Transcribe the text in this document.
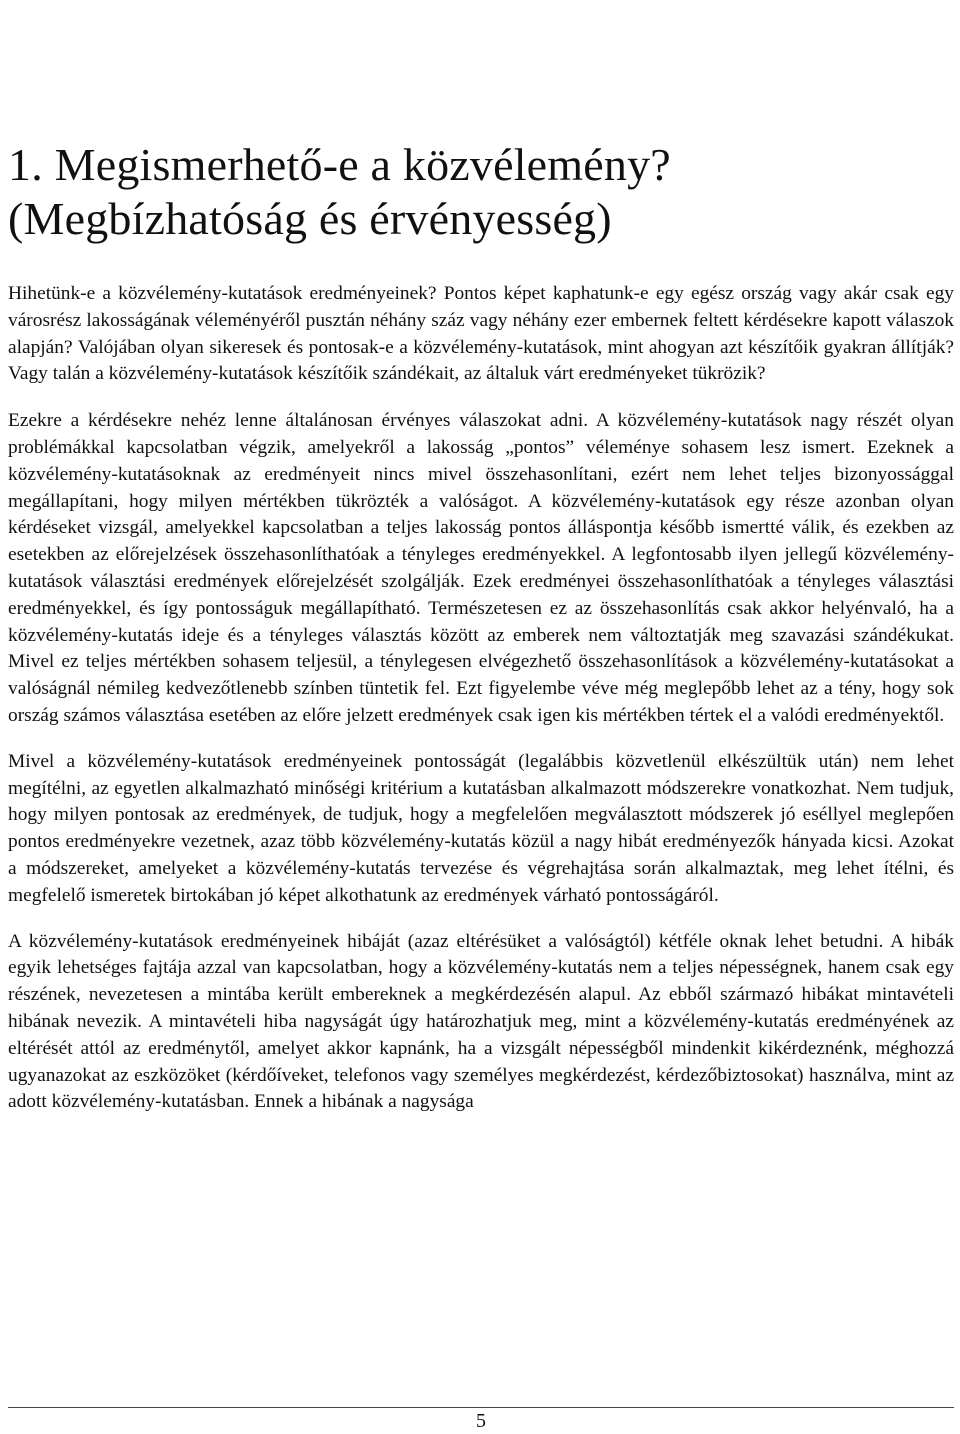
1. Megismerhető-e a közvélemény?
(Megbízhatóság és érvényesség)

Hihetünk-e a közvélemény-kutatások eredményeinek? Pontos képet kaphatunk-e egy egész ország vagy akár csak egy városrész lakosságának véleményéről pusztán néhány száz vagy néhány ezer embernek feltett kérdésekre kapott válaszok alapján? Valójában olyan sikeresek és pontosak-e a közvélemény-kutatások, mint ahogyan azt készítőik gyakran állítják? Vagy talán a közvélemény-kutatások készítőik szándékait, az általuk várt eredményeket tükrözik?

Ezekre a kérdésekre nehéz lenne általánosan érvényes válaszokat adni. A közvélemény-kutatások nagy részét olyan problémákkal kapcsolatban végzik, amelyekről a lakosság „pontos” véleménye sohasem lesz ismert. Ezeknek a közvélemény-kutatásoknak az eredményeit nincs mivel összehasonlítani, ezért nem lehet teljes bizonyossággal megállapítani, hogy milyen mértékben tükrözték a valóságot. A közvélemény-kutatások egy része azonban olyan kérdéseket vizsgál, amelyekkel kapcsolatban a teljes lakosság pontos álláspontja később ismertté válik, és ezekben az esetekben az előrejelzések összehasonlíthatóak a tényleges eredményekkel. A legfontosabb ilyen jellegű közvélemény-kutatások választási eredmények előrejelzését szolgálják. Ezek eredményei összehasonlíthatóak a tényleges választási eredményekkel, és így pontosságuk megállapítható. Természetesen ez az összehasonlítás csak akkor helyénvaló, ha a közvélemény-kutatás ideje és a tényleges választás között az emberek nem változtatják meg szavazási szándékukat. Mivel ez teljes mértékben sohasem teljesül, a ténylegesen elvégezhető összehasonlítások a közvélemény-kutatásokat a valóságnál némileg kedvezőtlenebb színben tüntetik fel. Ezt figyelembe véve még meglepőbb lehet az a tény, hogy sok ország számos választása esetében az előre jelzett eredmények csak igen kis mértékben tértek el a valódi eredményektől.

Mivel a közvélemény-kutatások eredményeinek pontosságát (legalábbis közvetlenül elkészültük után) nem lehet megítélni, az egyetlen alkalmazható minőségi kritérium a kutatásban alkalmazott módszerekre vonatkozhat. Nem tudjuk, hogy milyen pontosak az eredmények, de tudjuk, hogy a megfelelően megválasztott módszerek jó eséllyel meglepően pontos eredményekre vezetnek, azaz több közvélemény-kutatás közül a nagy hibát eredményezők hányada kicsi. Azokat a módszereket, amelyeket a közvélemény-kutatás tervezése és végrehajtása során alkalmaztak, meg lehet ítélni, és megfelelő ismeretek birtokában jó képet alkothatunk az eredmények várható pontosságáról.

A közvélemény-kutatások eredményeinek hibáját (azaz eltérésüket a valóságtól) kétféle oknak lehet betudni. A hibák egyik lehetséges fajtája azzal van kapcsolatban, hogy a közvélemény-kutatás nem a teljes népességnek, hanem csak egy részének, nevezetesen a mintába került embereknek a megkérdezésén alapul. Az ebből származó hibákat mintavételi hibának nevezik. A mintavételi hiba nagyságát úgy határozhatjuk meg, mint a közvélemény-kutatás eredményének az eltérését attól az eredménytől, amelyet akkor kapnánk, ha a vizsgált népességből mindenkit kikérdeznénk, méghozzá ugyanazokat az eszközöket (kérdőíveket, telefonos vagy személyes megkérdezést, kérdezőbiztosokat) használva, mint az adott közvélemény-kutatásban. Ennek a hibának a nagysága

5
